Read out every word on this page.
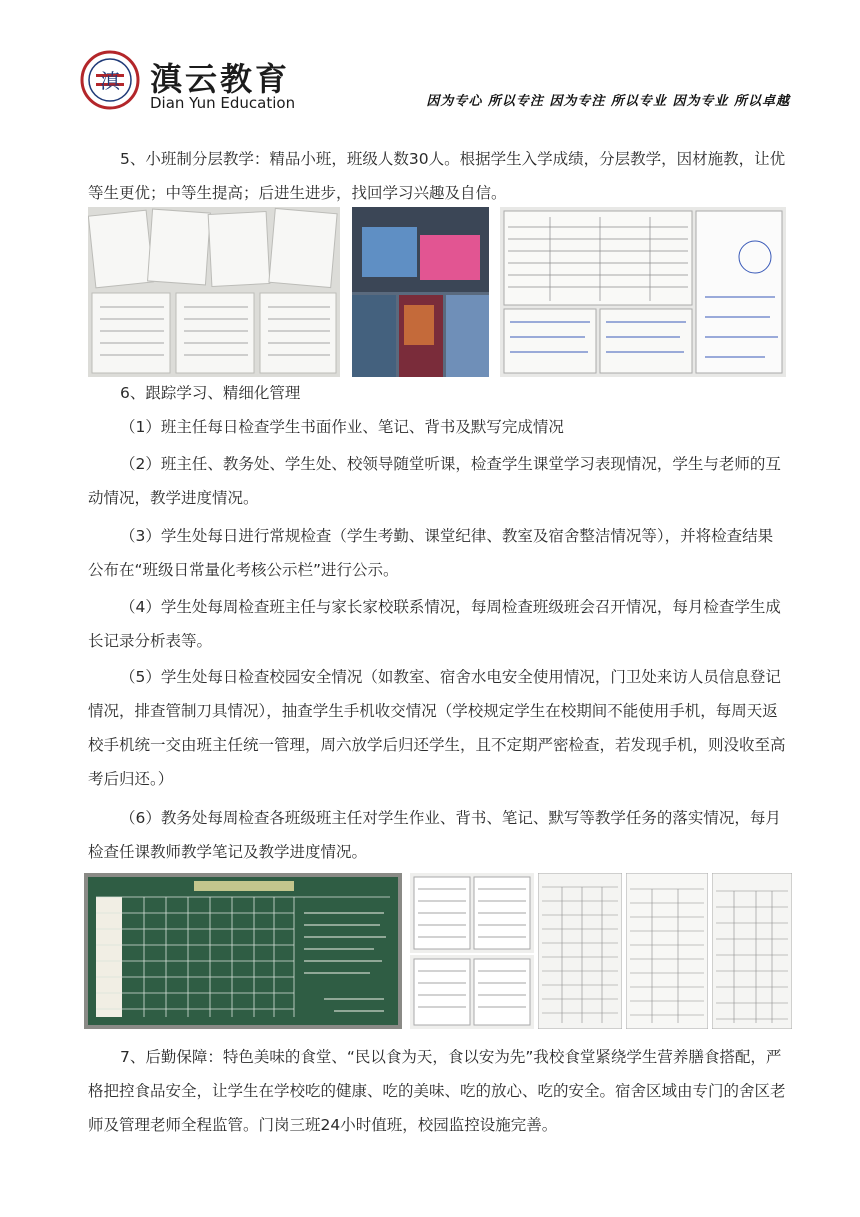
滇 滇云教育
Dian Yun Education	因为专心 所以专注 因为专注 所以专业 因为专业 所以卓越
5、小班制分层教学：精品小班，班级人数30人。根据学生入学成绩，分层教学，因材施教，让优等生更优；中等生提高；后进生进步，找回学习兴趣及自信。
6、跟踪学习、精细化管理
（1）班主任每日检查学生书面作业、笔记、背书及默写完成情况
（2）班主任、教务处、学生处、校领导随堂听课，检查学生课堂学习表现情况，学生与老师的互动情况，教学进度情况。
（3）学生处每日进行常规检查（学生考勤、课堂纪律、教室及宿舍整洁情况等），并将检查结果公布在“班级日常量化考核公示栏”进行公示。
（4）学生处每周检查班主任与家长家校联系情况，每周检查班级班会召开情况，每月检查学生成长记录分析表等。
（5）学生处每日检查校园安全情况（如教室、宿舍水电安全使用情况，门卫处来访人员信息登记情况，排查管制刀具情况），抽查学生手机收交情况（学校规定学生在校期间不能使用手机，每周天返校手机统一交由班主任统一管理，周六放学后归还学生，且不定期严密检查，若发现手机，则没收至高考后归还。）
（6）教务处每周检查各班级班主任对学生作业、背书、笔记、默写等教学任务的落实情况，每月检查任课教师教学笔记及教学进度情况。
7、后勤保障：特色美味的食堂、“民以食为天，食以安为先”我校食堂紧绕学生营养膳食搭配，严格把控食品安全，让学生在学校吃的健康、吃的美味、吃的放心、吃的安全。宿舍区域由专门的舍区老师及管理老师全程监管。门岗三班24小时值班，校园监控设施完善。
